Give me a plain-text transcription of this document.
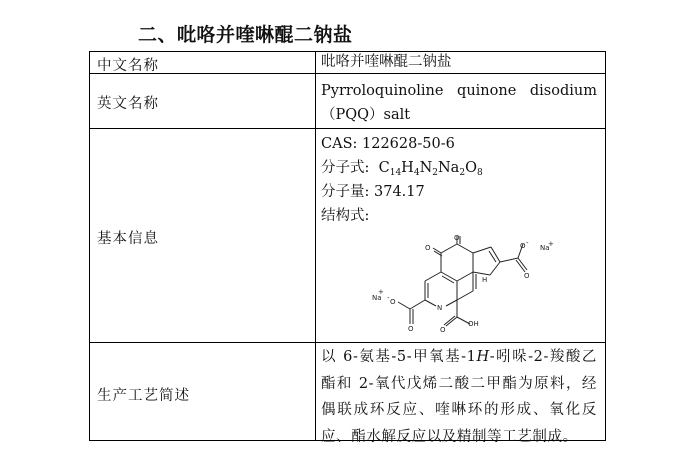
二、吡咯并喹啉醌二钠盐
中文名称	吡咯并喹啉醌二钠盐
英文名称
Pyrroloquinoline quinone disodium
（PQQ）salt
基本信息
CAS: 122628-50-6
分子式: $C_{14}H_4N_2Na_2O_8$
分子量: 374.17
结构式:
O
O
N
H
O -
O
Na
+
OH
O
O
O
-
Na
+
生产工艺简述
以 6-氨基-5-甲氧基-1H-吲哚-2-羧酸乙酯和 2-氧代戊烯二酸二甲酯为原料，经偶联成环反应、喹啉环的形成、氧化反应、酯水解反应以及精制等工艺制成。
